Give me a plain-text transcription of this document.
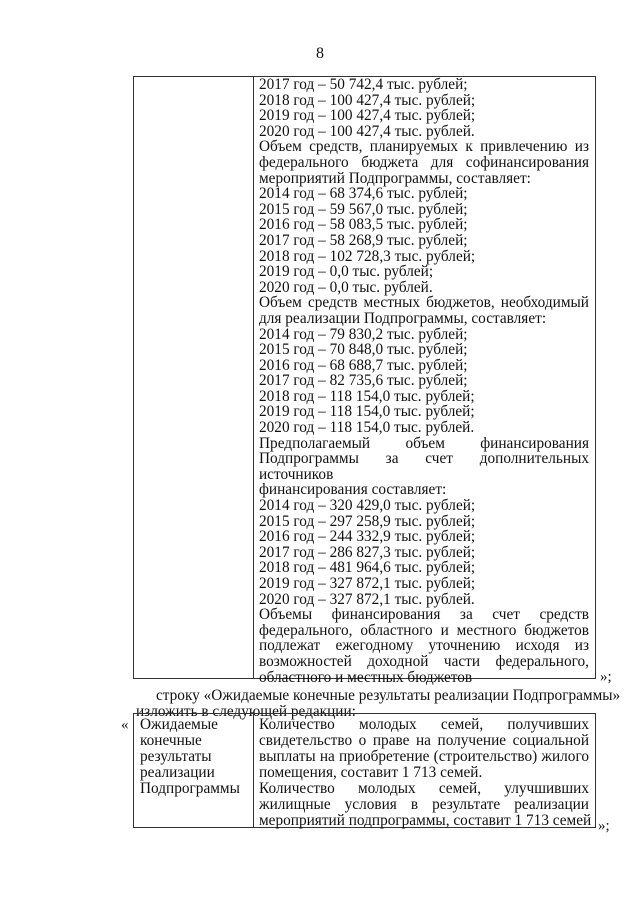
8
2017 год – 50 742,4 тыс. рублей;
2018 год – 100 427,4 тыс. рублей;
2019 год – 100 427,4 тыс. рублей;
2020 год – 100 427,4 тыс. рублей.
Объем средств, планируемых к привлечению из
федерального бюджета для софинансирования
мероприятий Подпрограммы, составляет:
2014 год – 68 374,6 тыс. рублей;
2015 год – 59 567,0 тыс. рублей;
2016 год – 58 083,5 тыс. рублей;
2017 год – 58 268,9 тыс. рублей;
2018 год – 102 728,3 тыс. рублей;
2019 год – 0,0 тыс. рублей;
2020 год – 0,0 тыс. рублей.
Объем средств местных бюджетов, необходимый
для реализации Подпрограммы, составляет:
2014 год – 79 830,2 тыс. рублей;
2015 год – 70 848,0 тыс. рублей;
2016 год – 68 688,7 тыс. рублей;
2017 год – 82 735,6 тыс. рублей;
2018 год – 118 154,0 тыс. рублей;
2019 год – 118 154,0 тыс. рублей;
2020 год – 118 154,0 тыс. рублей.
Предполагаемый объем финансирования
Подпрограммы за счет дополнительных источников
финансирования составляет:
2014 год – 320 429,0 тыс. рублей;
2015 год – 297 258,9 тыс. рублей;
2016 год – 244 332,9 тыс. рублей;
2017 год – 286 827,3 тыс. рублей;
2018 год – 481 964,6 тыс. рублей;
2019 год – 327 872,1 тыс. рублей;
2020 год – 327 872,1 тыс. рублей.
Объемы финансирования за счет средств
федерального, областного и местного бюджетов
подлежат ежегодному уточнению исходя из
возможностей доходной части федерального,
областного и местных бюджетов	»;
строку «Ожидаемые конечные результаты реализации Подпрограммы»
изложить в следующей редакции:
« Ожидаемые
конечные
результаты
реализации
Подпрограммы
Количество молодых семей, получивших
свидетельство о праве на получение социальной
выплаты на приобретение (строительство) жилого
помещения, составит 1 713 семей.
Количество молодых семей, улучшивших
жилищные условия в результате реализации
мероприятий подпрограммы, составит 1 713 семей »;
